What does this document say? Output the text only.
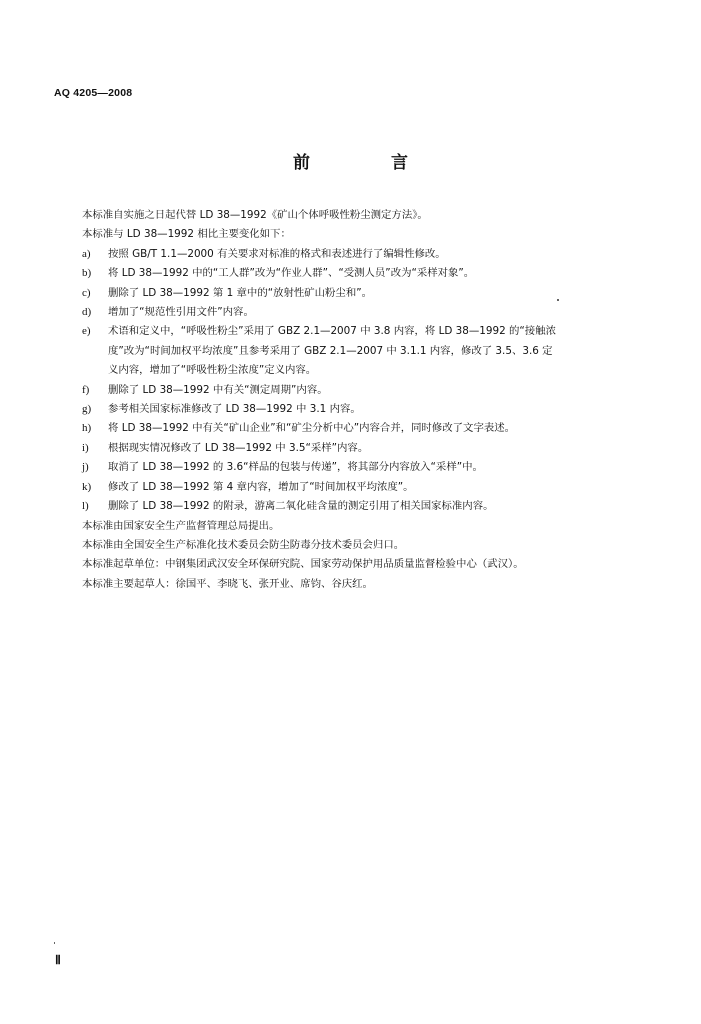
AQ 4205—2008
前　言
本标准自实施之日起代替 LD 38—1992《矿山个体呼吸性粉尘测定方法》。
本标准与 LD 38—1992 相比主要变化如下：
a)	按照 GB/T 1.1—2000 有关要求对标准的格式和表述进行了编辑性修改。
b)	将 LD 38—1992 中的“工人群”改为“作业人群”、“受测人员”改为“采样对象”。
c)	删除了 LD 38—1992 第 1 章中的“放射性矿山粉尘和”。
d)	增加了“规范性引用文件”内容。
e)	术语和定义中，“呼吸性粉尘”采用了 GBZ 2.1—2007 中 3.8 内容，将 LD 38—1992 的“接触浓
度”改为“时间加权平均浓度”且参考采用了 GBZ 2.1—2007 中 3.1.1 内容，修改了 3.5、3.6 定
义内容，增加了“呼吸性粉尘浓度”定义内容。
f)	删除了 LD 38—1992 中有关“测定周期”内容。
g)	参考相关国家标准修改了 LD 38—1992 中 3.1 内容。
h)	将 LD 38—1992 中有关“矿山企业”和“矿尘分析中心”内容合并，同时修改了文字表述。
i)	根据现实情况修改了 LD 38—1992 中 3.5“采样”内容。
j)	取消了 LD 38—1992 的 3.6“样品的包装与传递”，将其部分内容放入“采样”中。
k)	修改了 LD 38—1992 第 4 章内容，增加了“时间加权平均浓度”。
l)	删除了 LD 38—1992 的附录，游离二氧化硅含量的测定引用了相关国家标准内容。
本标准由国家安全生产监督管理总局提出。
本标准由全国安全生产标准化技术委员会防尘防毒分技术委员会归口。
本标准起草单位：中钢集团武汉安全环保研究院、国家劳动保护用品质量监督检验中心（武汉）。
本标准主要起草人：徐国平、李晓飞、张开业、席钧、谷庆红。
Ⅱ
